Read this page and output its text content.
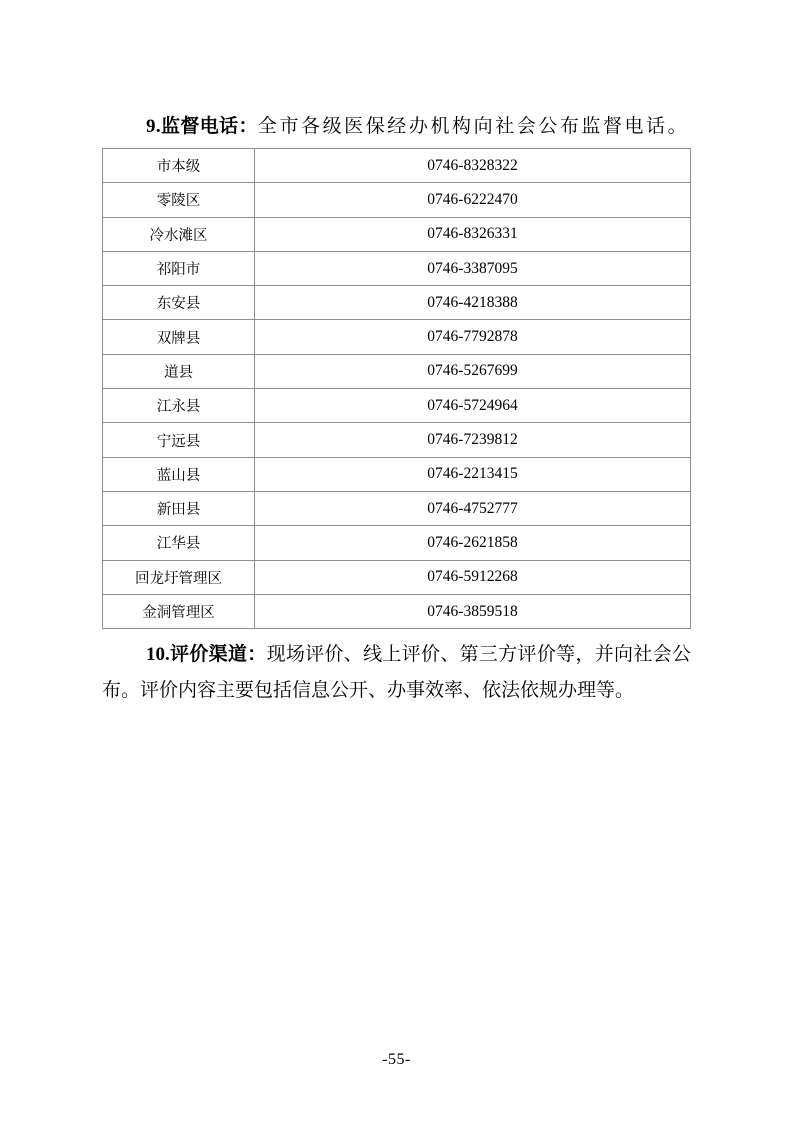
9.监督电话：全市各级医保经办机构向社会公布监督电话。

市本级	0746-8328322
零陵区	0746-6222470
冷水滩区	0746-8326331
祁阳市	0746-3387095
东安县	0746-4218388
双牌县	0746-7792878
道县	0746-5267699
江永县	0746-5724964
宁远县	0746-7239812
蓝山县	0746-2213415
新田县	0746-4752777
江华县	0746-2621858
回龙圩管理区	0746-5912268
金洞管理区	0746-3859518

10.评价渠道：现场评价、线上评价、第三方评价等，并向社会公布。评价内容主要包括信息公开、办事效率、依法依规办理等。

-55-
